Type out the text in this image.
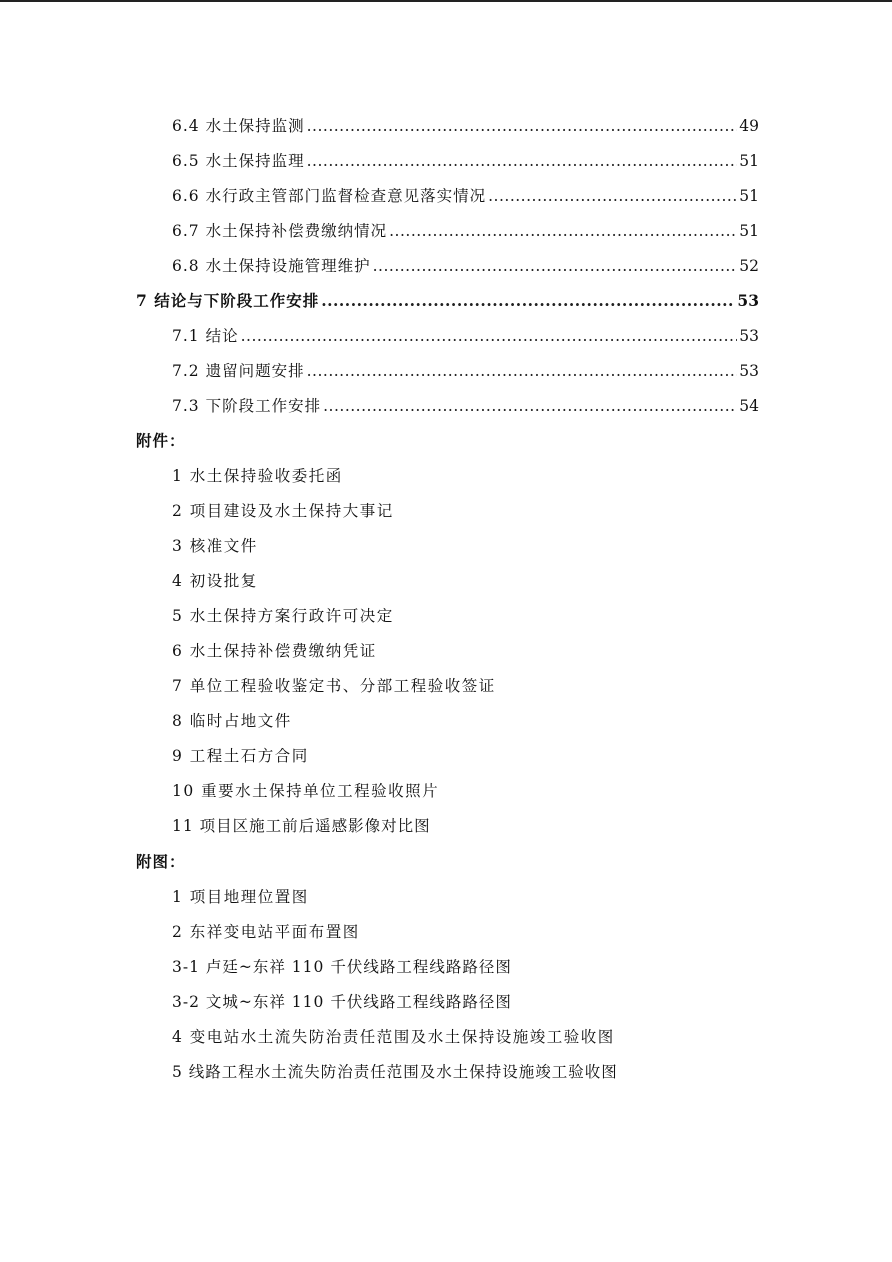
6.4 水土保持监测 .....	49
6.5 水土保持监理 .....	51
6.6 水行政主管部门监督检查意见落实情况 .....	51
6.7 水土保持补偿费缴纳情况 .....	51
6.8 水土保持设施管理维护 .....	52
7 结论与下阶段工作安排 .....	53
7.1 结论 .....	53
7.2 遗留问题安排 .....	53
7.3 下阶段工作安排 .....	54
附件：
1 水土保持验收委托函
2 项目建设及水土保持大事记
3 核准文件
4 初设批复
5 水土保持方案行政许可决定
6 水土保持补偿费缴纳凭证
7 单位工程验收鉴定书、分部工程验收签证
8 临时占地文件
9 工程土石方合同
10 重要水土保持单位工程验收照片
11 项目区施工前后遥感影像对比图
附图：
1 项目地理位置图
2 东祥变电站平面布置图
3-1 卢廷~东祥 110 千伏线路工程线路路径图
3-2 文城~东祥 110 千伏线路工程线路路径图
4 变电站水土流失防治责任范围及水土保持设施竣工验收图
5 线路工程水土流失防治责任范围及水土保持设施竣工验收图
